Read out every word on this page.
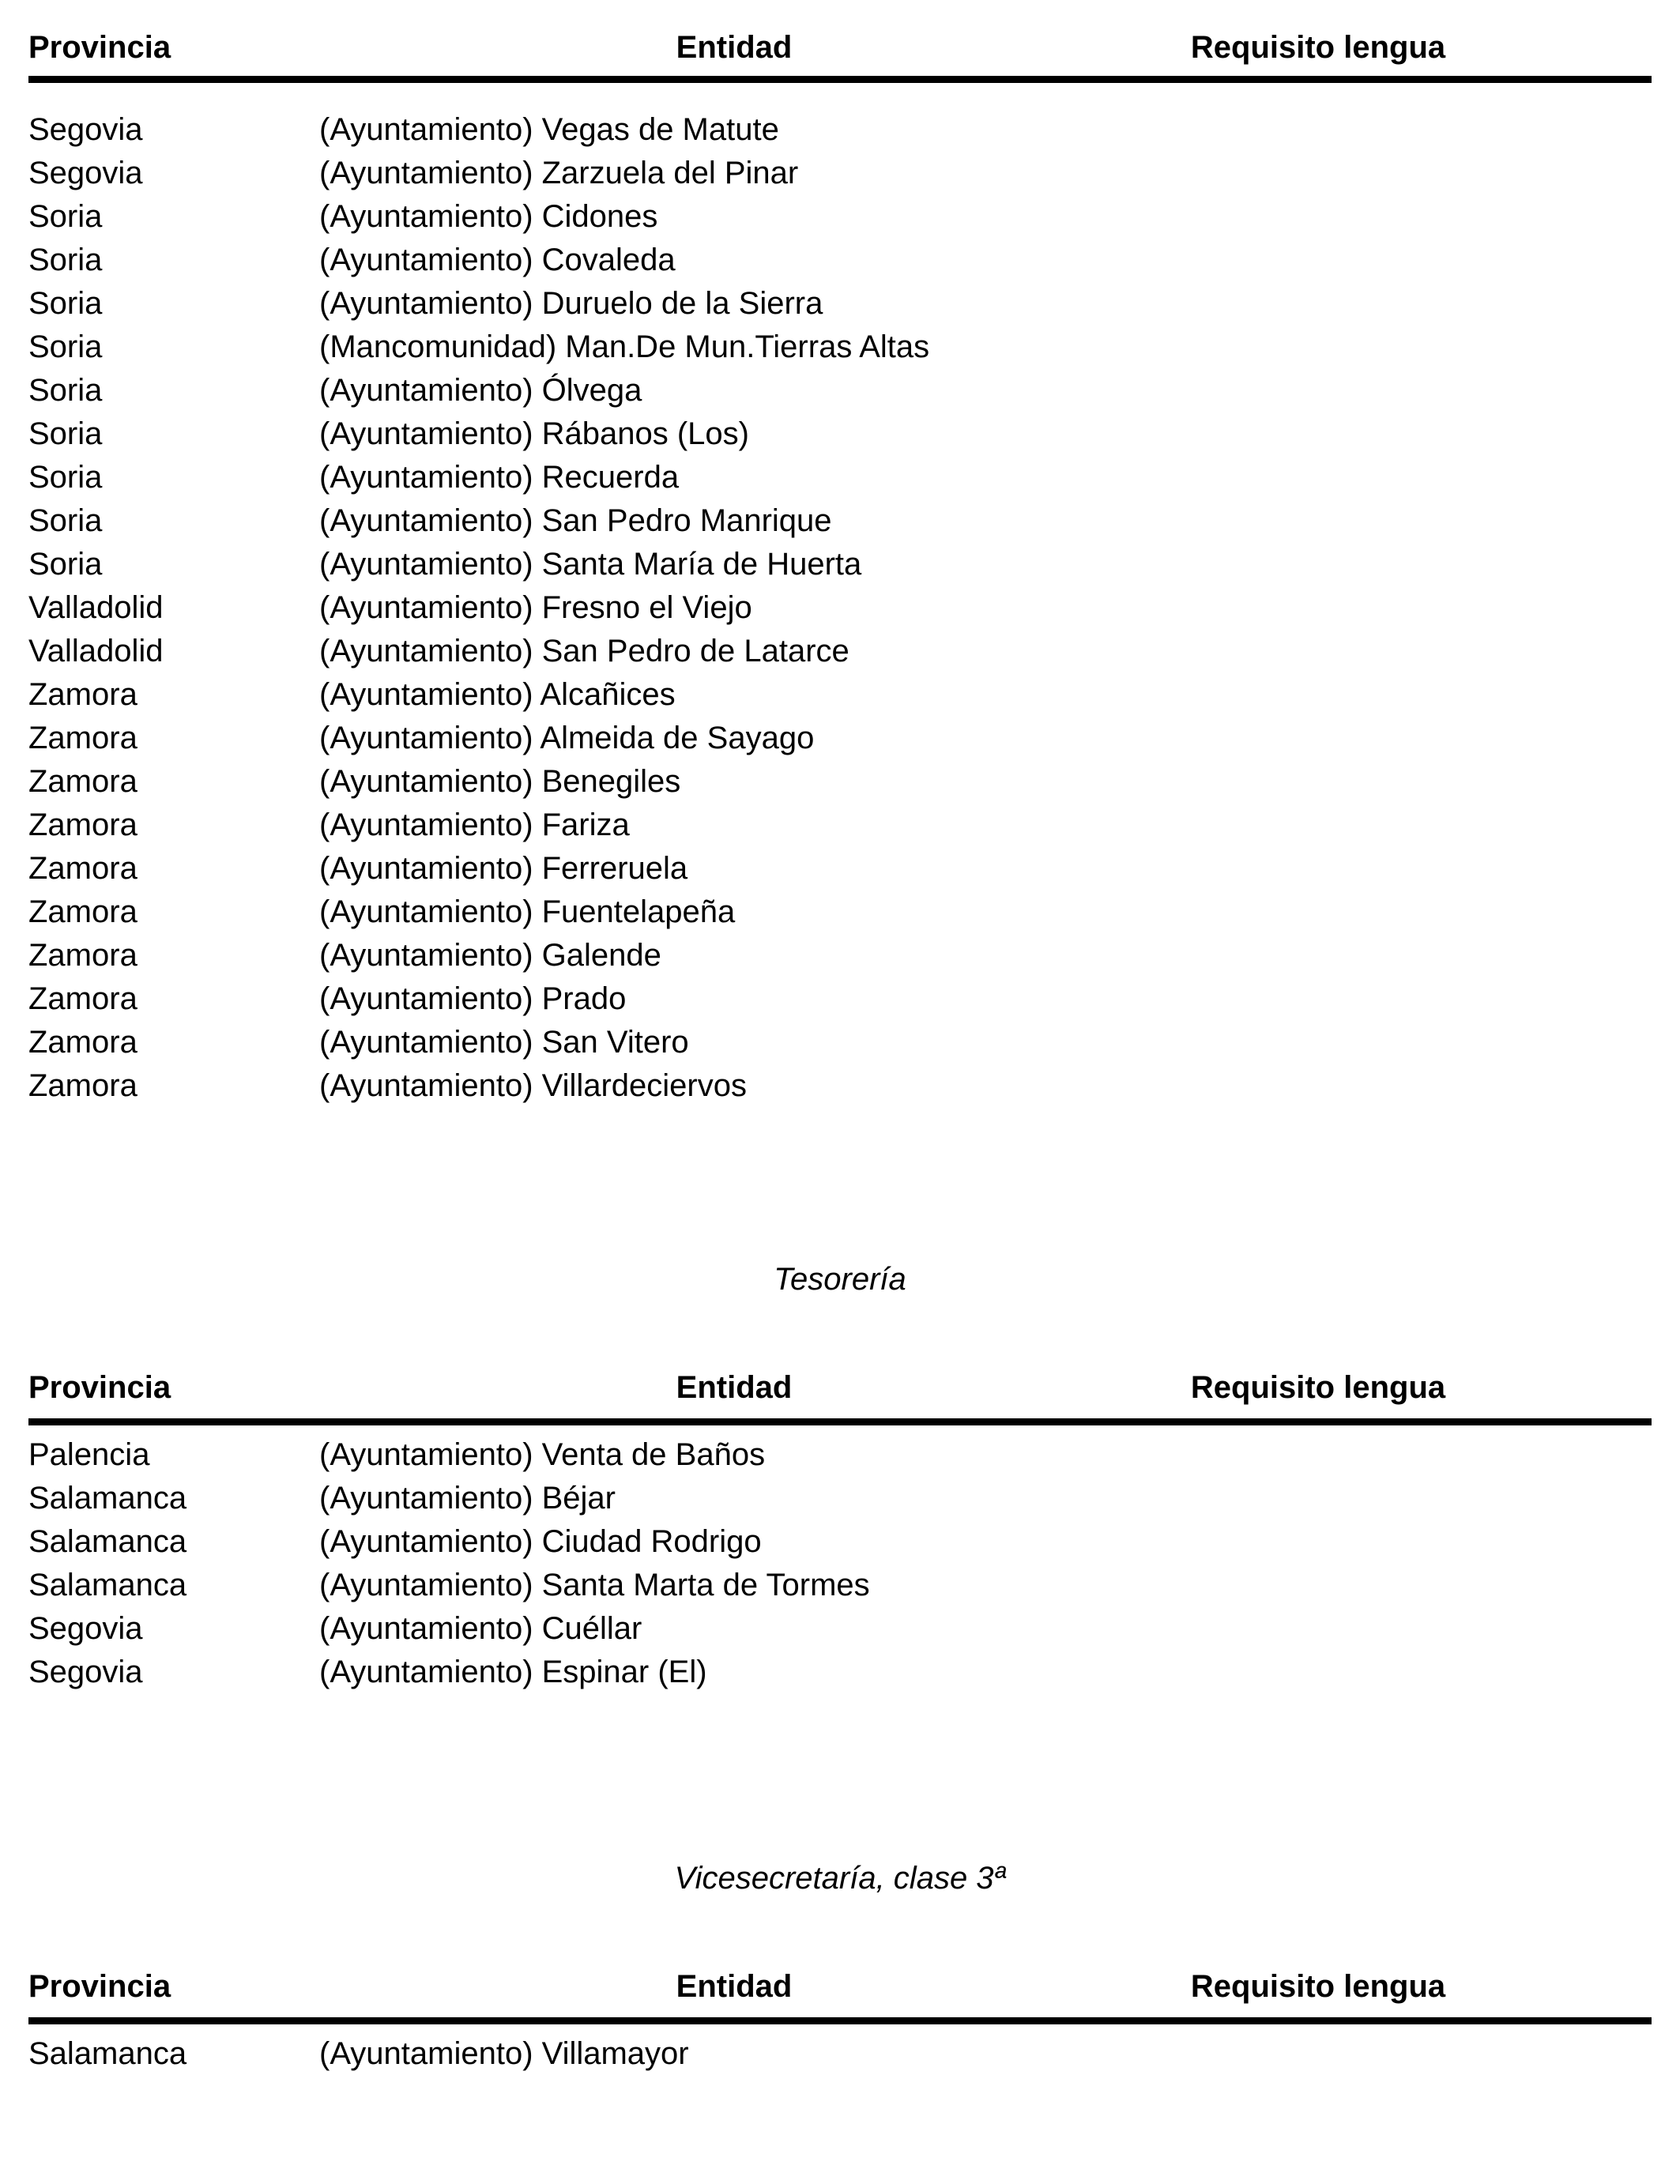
Provincia	Entidad	Requisito lengua
Segovia	(Ayuntamiento) Vegas de Matute
Segovia	(Ayuntamiento) Zarzuela del Pinar
Soria	(Ayuntamiento) Cidones
Soria	(Ayuntamiento) Covaleda
Soria	(Ayuntamiento) Duruelo de la Sierra
Soria	(Mancomunidad) Man.De Mun.Tierras Altas
Soria	(Ayuntamiento) Ólvega
Soria	(Ayuntamiento) Rábanos (Los)
Soria	(Ayuntamiento) Recuerda
Soria	(Ayuntamiento) San Pedro Manrique
Soria	(Ayuntamiento) Santa María de Huerta
Valladolid	(Ayuntamiento) Fresno el Viejo
Valladolid	(Ayuntamiento) San Pedro de Latarce
Zamora	(Ayuntamiento) Alcañices
Zamora	(Ayuntamiento) Almeida de Sayago
Zamora	(Ayuntamiento) Benegiles
Zamora	(Ayuntamiento) Fariza
Zamora	(Ayuntamiento) Ferreruela
Zamora	(Ayuntamiento) Fuentelapeña
Zamora	(Ayuntamiento) Galende
Zamora	(Ayuntamiento) Prado
Zamora	(Ayuntamiento) San Vitero
Zamora	(Ayuntamiento) Villardeciervos
Tesorería
Provincia	Entidad	Requisito lengua
Palencia	(Ayuntamiento) Venta de Baños
Salamanca	(Ayuntamiento) Béjar
Salamanca	(Ayuntamiento) Ciudad Rodrigo
Salamanca	(Ayuntamiento) Santa Marta de Tormes
Segovia	(Ayuntamiento) Cuéllar
Segovia	(Ayuntamiento) Espinar (El)
Vicesecretaría, clase 3ª
Provincia	Entidad	Requisito lengua
Salamanca	(Ayuntamiento) Villamayor
